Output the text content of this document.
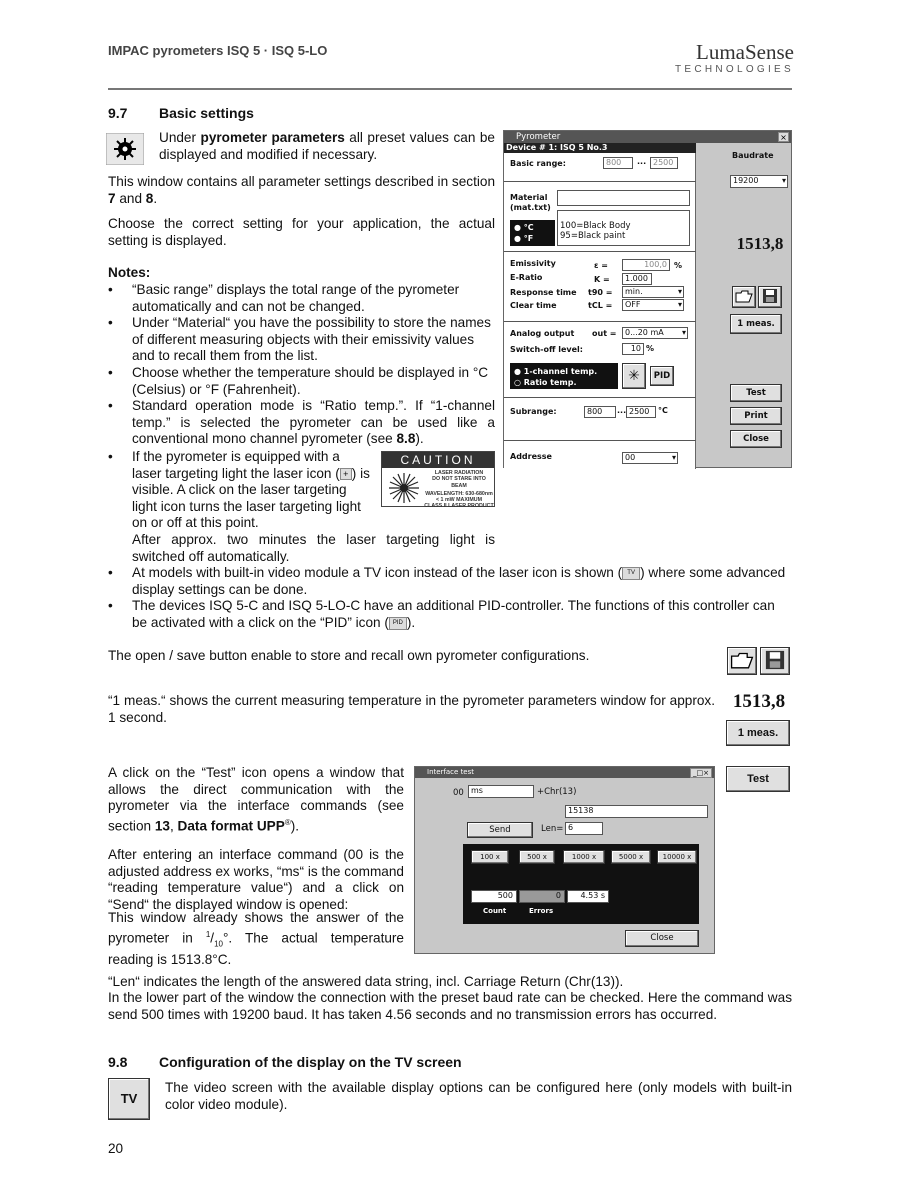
IMPAC pyrometers ISQ 5 · ISQ 5-LO	LumaSense
TECHNOLOGIES
9.7 Basic settings
Under pyrometer parameters all preset values can be displayed and modified if necessary.
This window contains all parameter settings described in section 7 and 8.
Choose the correct setting for your application, the actual setting is displayed.
Notes:
• “Basic range” displays the total range of the pyrometer automatically and can not be changed.
• Under “Material“ you have the possibility to store the names of different measuring objects with their emissivity values and to recall them from the list.
• Choose whether the temperature should be displayed in °C (Celsius) or °F (Fahrenheit).
• Standard operation mode is “Ratio temp.”. If “1-channel temp.” is selected the pyrometer can be used like a conventional mono channel pyrometer (see 8.8).
• If the pyrometer is equipped with a laser targeting light the laser icon ( + ) is visible. A click on the laser targeting light icon turns the laser targeting light on or off at this point.
After approx. two minutes the laser targeting light is switched off automatically.
• At models with built-in video module a TV icon instead of the laser icon is shown ( TV ) where some advanced display settings can be done.
• The devices ISQ 5-C and ISQ 5-LO-C have an additional PID-controller. The functions of this controller can be activated with a click on the “PID” icon ( PID ).
CAUTION
LASER RADIATION
DO NOT STARE INTO BEAM
WAVELENGTH: 630-680nm
< 1 mW MAXIMUM
CLASS II LASER PRODUCT
Pyrometer	×
Device # 1: ISQ 5 No.3
Basic range:	800	··· 2500
Material
(mat.txt)
● °C
● °F
100=Black Body
95=Black paint
Emissivity	ε =	100,0 %
E-Ratio	K =	1.000
Response time t90 =	min.	▾
Clear time	tCL =	OFF	▾
Analog output out =	0...20 mA ▾
Switch-off level:	10 %
● 1-channel temp.
○ Ratio temp.	✳	PID
Subrange:	800	··· 2500	°C
Addresse	00	▾
Baudrate
19200	▾
1513,8
1 meas.
Test
Print
Close
The open / save button enable to store and recall own pyrometer configurations.
“1 meas.“ shows the current measuring temperature in the pyrometer parameters window for approx. 1 second.
1513,8
1 meas.
A click on the “Test” icon opens a window that allows the direct communication with the pyrometer via the interface commands (see section 13, Data format UPP®).
After entering an interface command (00 is the adjusted address ex works, “ms“ is the command “reading temperature value“) and a click on “Send“ the displayed window is opened:
This window already shows the answer of the pyrometer in $^1/_{10}^\circ$. The actual temperature reading is 1513.8°C.
Test
Interface test	_□×
00 ms	+Chr(13)
15138
Send	Len= 6
100 x	500 x	1000 x	5000 x	10000 x
500	0	4.53 s
Count	Errors
Close
“Len“ indicates the length of the answered data string, incl. Carriage Return (Chr(13)).
In the lower part of the window the connection with the preset baud rate can be checked. Here the command was send 500 times with 19200 baud. It has taken 4.56 seconds and no transmission errors has occurred.
9.8 Configuration of the display on the TV screen
TV
The video screen with the available display options can be configured here (only models with built-in color video module).
20
